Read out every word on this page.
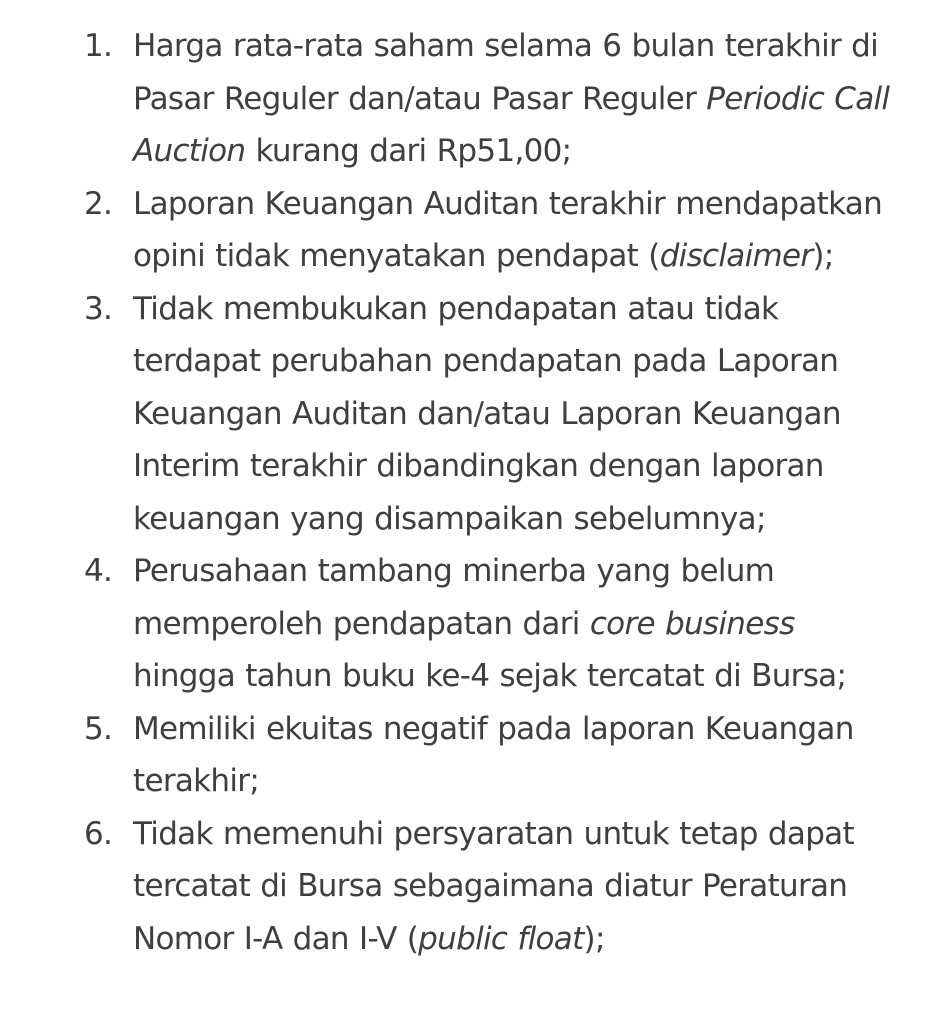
1. Harga rata-rata saham selama 6 bulan terakhir di Pasar Reguler dan/atau Pasar Reguler Periodic Call Auction kurang dari Rp51,00;
2. Laporan Keuangan Auditan terakhir mendapatkan opini tidak menyatakan pendapat (disclaimer);
3. Tidak membukukan pendapatan atau tidak terdapat perubahan pendapatan pada Laporan Keuangan Auditan dan/atau Laporan Keuangan Interim terakhir dibandingkan dengan laporan keuangan yang disampaikan sebelumnya;
4. Perusahaan tambang minerba yang belum memperoleh pendapatan dari core business hingga tahun buku ke-4 sejak tercatat di Bursa;
5. Memiliki ekuitas negatif pada laporan Keuangan terakhir;
6. Tidak memenuhi persyaratan untuk tetap dapat tercatat di Bursa sebagaimana diatur Peraturan Nomor I-A dan I-V (public float);
